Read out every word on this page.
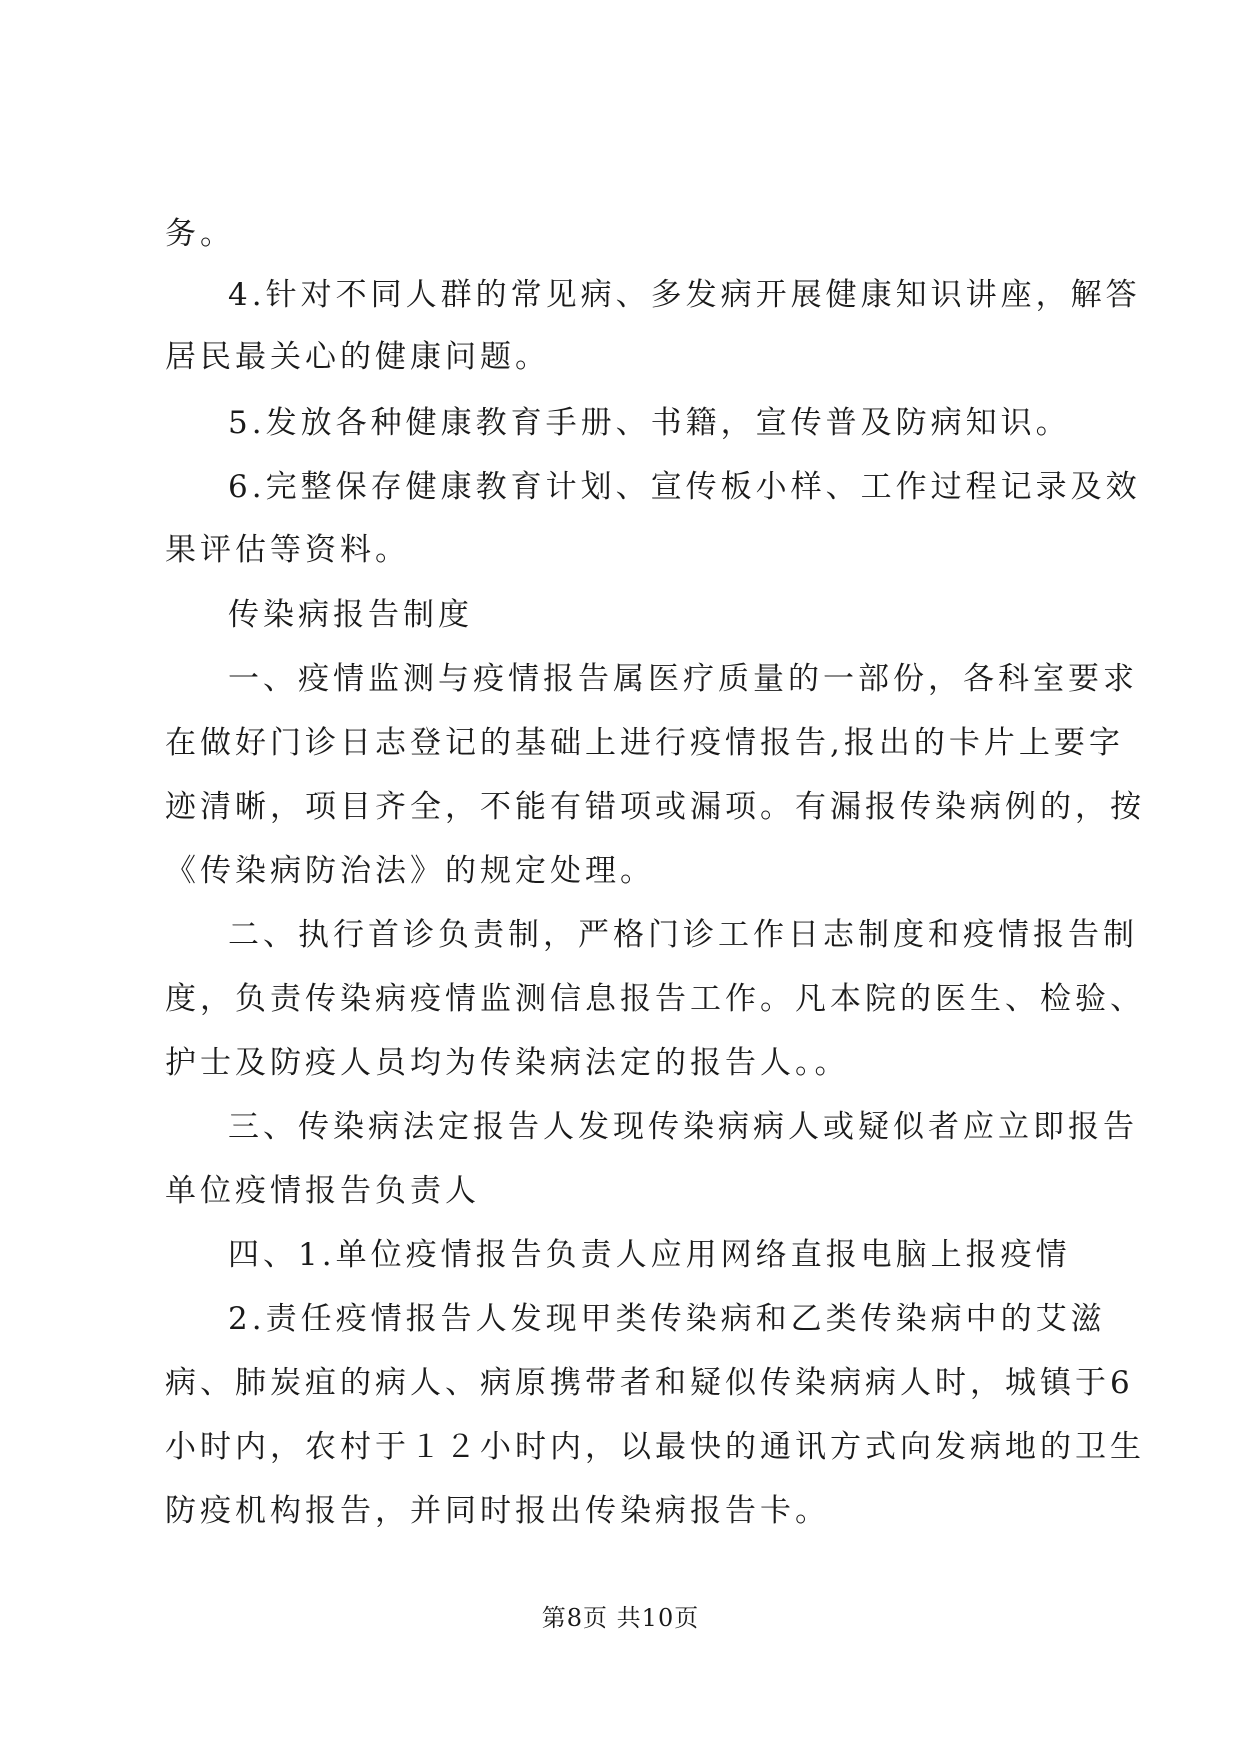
务。
4.针对不同人群的常见病、多发病开展健康知识讲座，解答
居民最关心的健康问题。
5.发放各种健康教育手册、书籍，宣传普及防病知识。
6.完整保存健康教育计划、宣传板小样、工作过程记录及效
果评估等资料。
传染病报告制度
一、疫情监测与疫情报告属医疗质量的一部份，各科室要求
在做好门诊日志登记的基础上进行疫情报告,报出的卡片上要字
迹清晰，项目齐全，不能有错项或漏项。有漏报传染病例的，按
《传染病防治法》的规定处理。
二、执行首诊负责制，严格门诊工作日志制度和疫情报告制
度，负责传染病疫情监测信息报告工作。凡本院的医生、检验、
护士及防疫人员均为传染病法定的报告人。。
三、传染病法定报告人发现传染病病人或疑似者应立即报告
单位疫情报告负责人
四、1.单位疫情报告负责人应用网络直报电脑上报疫情
2.责任疫情报告人发现甲类传染病和乙类传染病中的艾滋
病、肺炭疽的病人、病原携带者和疑似传染病病人时，城镇于6
小时内，农村于１２小时内，以最快的通讯方式向发病地的卫生
防疫机构报告，并同时报出传染病报告卡。
第8页 共10页
